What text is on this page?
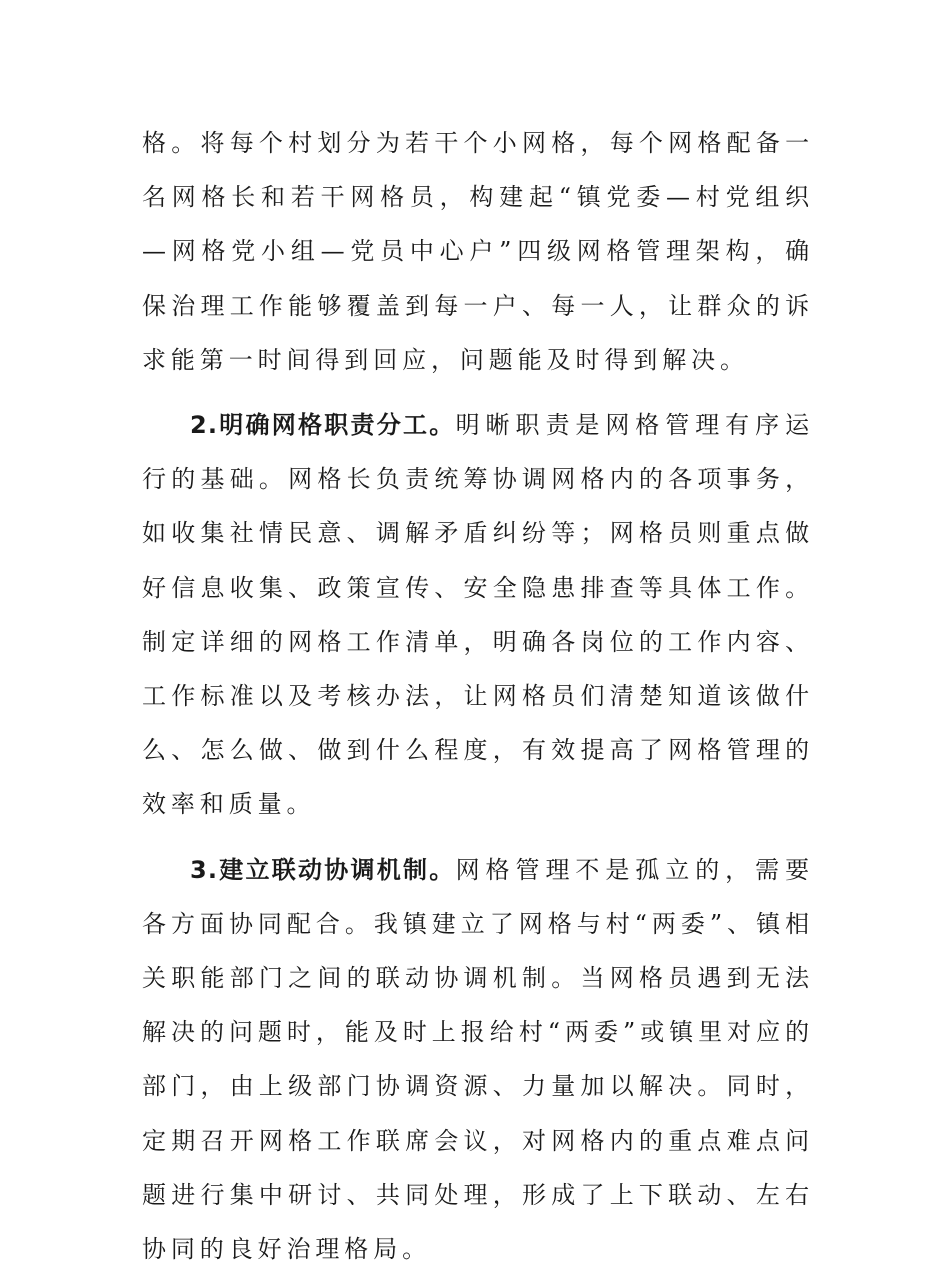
格。将每个村划分为若干个小网格，每个网格配备一名网格长和若干网格员，构建起“镇党委—村党组织—网格党小组—党员中心户”四级网格管理架构，确保治理工作能够覆盖到每一户、每一人，让群众的诉求能第一时间得到回应，问题能及时得到解决。

2.明确网格职责分工。明晰职责是网格管理有序运行的基础。网格长负责统筹协调网格内的各项事务，如收集社情民意、调解矛盾纠纷等；网格员则重点做好信息收集、政策宣传、安全隐患排查等具体工作。制定详细的网格工作清单，明确各岗位的工作内容、工作标准以及考核办法，让网格员们清楚知道该做什么、怎么做、做到什么程度，有效提高了网格管理的效率和质量。

3.建立联动协调机制。网格管理不是孤立的，需要各方面协同配合。我镇建立了网格与村“两委”、镇相关职能部门之间的联动协调机制。当网格员遇到无法解决的问题时，能及时上报给村“两委”或镇里对应的部门，由上级部门协调资源、力量加以解决。同时，定期召开网格工作联席会议，对网格内的重点难点问题进行集中研讨、共同处理，形成了上下联动、左右协同的良好治理格局。
